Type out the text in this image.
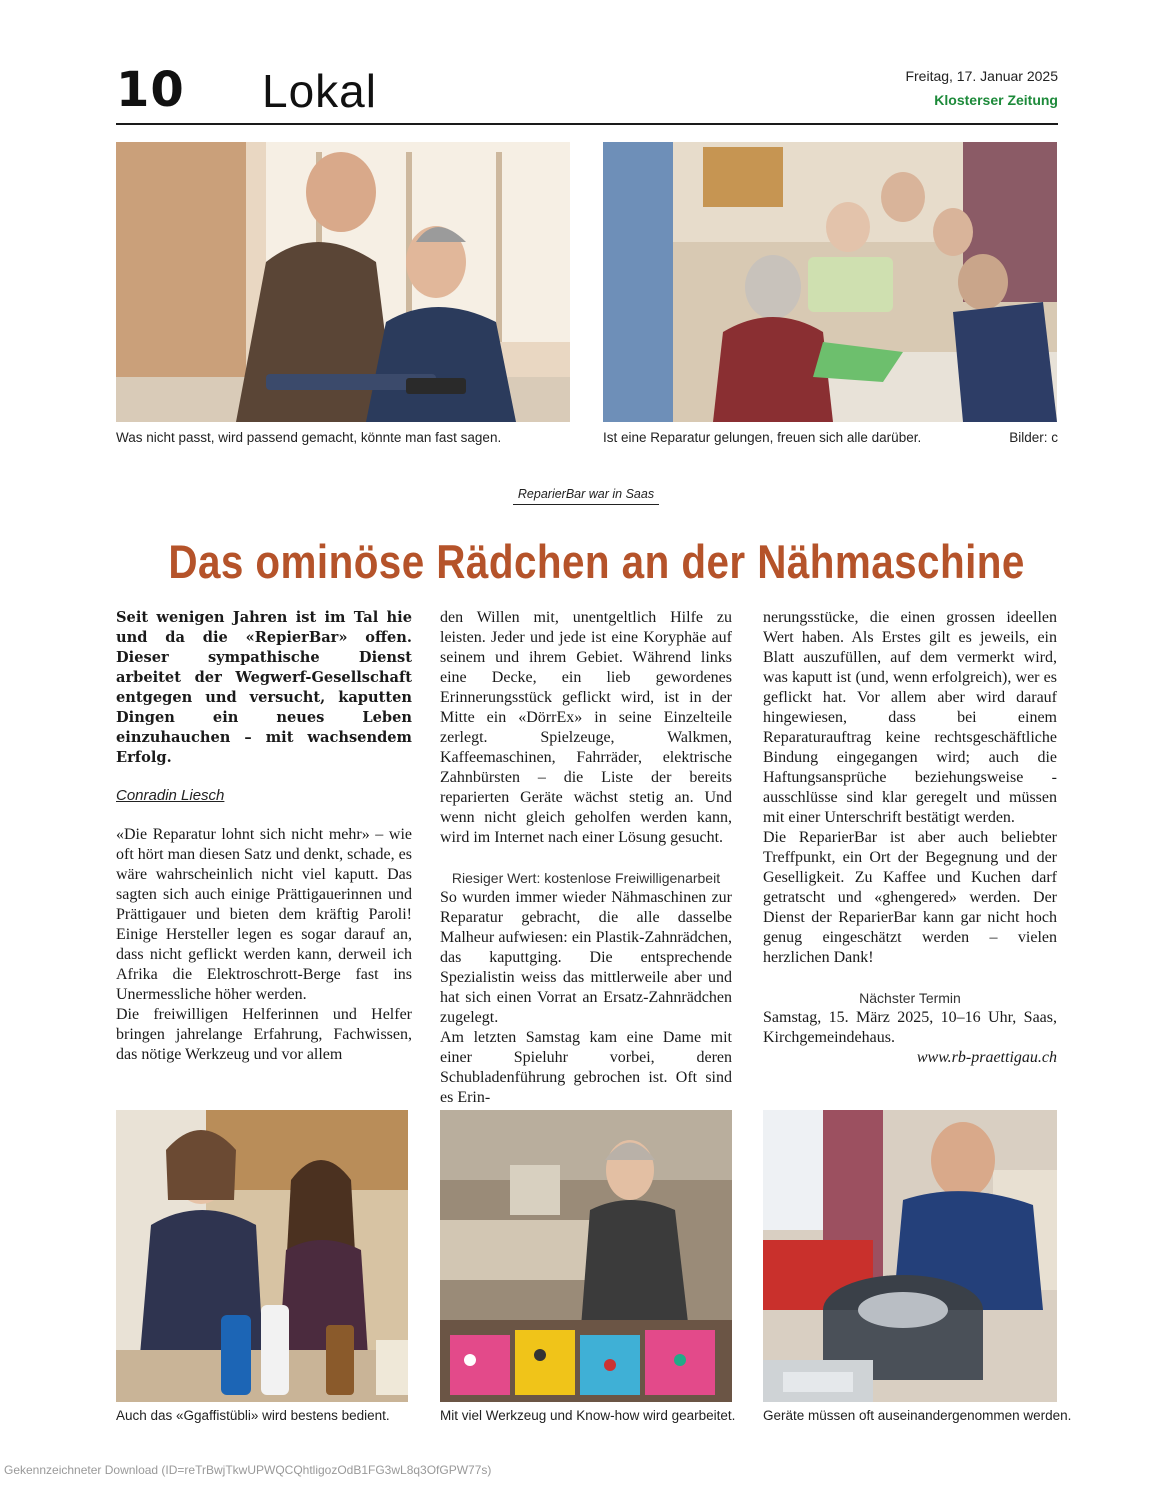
10 Lokal	Freitag, 17. Januar 2025
Klosterser Zeitung
Was nicht passt, wird passend gemacht, könnte man fast sagen.	Ist eine Reparatur gelungen, freuen sich alle darüber.	Bilder: c
ReparierBar war in Saas
Das ominöse Rädchen an der Nähmaschine
Seit wenigen Jahren ist im Tal hie und da die «RepierBar» offen. Dieser sympathische Dienst arbeitet der Wegwerf-Gesellschaft entgegen und versucht, kaputten Dingen ein neues Leben einzuhauchen – mit wachsendem Erfolg.
Conradin Liesch

«Die Reparatur lohnt sich nicht mehr» – wie oft hört man diesen Satz und denkt, schade, es wäre wahrscheinlich nicht viel kaputt. Das sagten sich auch einige Prättigauerinnen und Prättigauer und bieten dem kräftig Paroli! Einige Hersteller legen es sogar darauf an, dass nicht geflickt werden kann, derweil ich Afrika die Elektroschrott-Berge fast ins Unermessliche höher werden.

Die freiwilligen Helferinnen und Helfer bringen jahrelange Erfahrung, Fachwissen, das nötige Werkzeug und vor allem

den Willen mit, unentgeltlich Hilfe zu leisten. Jeder und jede ist eine Koryphäe auf seinem und ihrem Gebiet. Während links eine Decke, ein lieb gewordenes Erinnerungsstück geflickt wird, ist in der Mitte ein «DörrEx» in seine Einzelteile zerlegt. Spielzeuge, Walkmen, Kaffeemaschinen, Fahrräder, elektrische Zahnbürsten – die Liste der bereits reparierten Geräte wächst stetig an. Und wenn nicht gleich geholfen werden kann, wird im Internet nach einer Lösung gesucht.

Riesiger Wert: kostenlose Freiwilligenarbeit

So wurden immer wieder Nähmaschinen zur Reparatur gebracht, die alle dasselbe Malheur aufwiesen: ein Plastik-Zahnrädchen, das kaputtging. Die entsprechende Spezialistin weiss das mittlerweile aber und hat sich einen Vorrat an Ersatz-Zahnrädchen zugelegt.

Am letzten Samstag kam eine Dame mit einer Spieluhr vorbei, deren Schubladenführung gebrochen ist. Oft sind es Erin-

nerungsstücke, die einen grossen ideellen Wert haben. Als Erstes gilt es jeweils, ein Blatt auszufüllen, auf dem vermerkt wird, was kaputt ist (und, wenn erfolgreich), wer es geflickt hat. Vor allem aber wird darauf hingewiesen, dass bei einem Reparaturauftrag keine rechtsgeschäftliche Bindung eingegangen wird; auch die Haftungsansprüche beziehungsweise -ausschlüsse sind klar geregelt und müssen mit einer Unterschrift bestätigt werden.

Die ReparierBar ist aber auch beliebter Treffpunkt, ein Ort der Begegnung und der Geselligkeit. Zu Kaffee und Kuchen darf getratscht und «ghengered» werden. Der Dienst der ReparierBar kann gar nicht hoch genug eingeschätzt werden – vielen herzlichen Dank!

Nächster Termin

Samstag, 15. März 2025, 10–16 Uhr, Saas, Kirchgemeindehaus.

www.rb-praettigau.ch

Auch das «Ggaffistübli» wird bestens bedient.	Mit viel Werkzeug und Know-how wird gearbeitet. Geräte müssen oft auseinandergenommen werden.
Gekennzeichneter Download (ID=reTrBwjTkwUPWQCQhtligozOdB1FG3wL8q3OfGPW77s)
